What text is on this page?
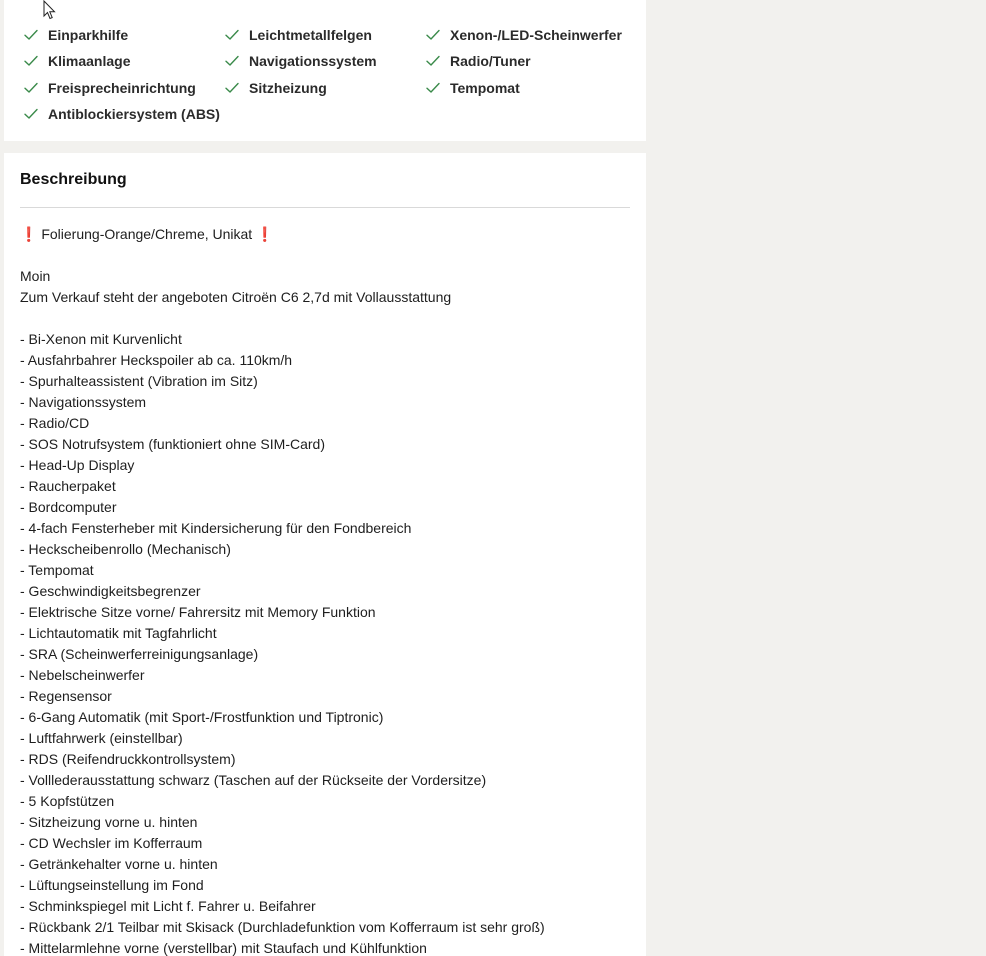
Einparkhilfe	Leichtmetallfelgen	Xenon-/LED-Scheinwerfer
Klimaanlage	Navigationssystem	Radio/Tuner
Freisprecheinrichtung	Sitzheizung	Tempomat
Antiblockiersystem (ABS)
Beschreibung
❗ Folierung-Orange/Chreme, Unikat ❗
Moin
Zum Verkauf steht der angeboten Citroën C6 2,7d mit Vollausstattung
- Bi-Xenon mit Kurvenlicht
- Ausfahrbahrer Heckspoiler ab ca. 110km/h
- Spurhalteassistent (Vibration im Sitz)
- Navigationssystem
- Radio/CD
- SOS Notrufsystem (funktioniert ohne SIM-Card)
- Head-Up Display
- Raucherpaket
- Bordcomputer
- 4-fach Fensterheber mit Kindersicherung für den Fondbereich
- Heckscheibenrollo (Mechanisch)
- Tempomat
- Geschwindigkeitsbegrenzer
- Elektrische Sitze vorne/ Fahrersitz mit Memory Funktion
- Lichtautomatik mit Tagfahrlicht
- SRA (Scheinwerferreinigungsanlage)
- Nebelscheinwerfer
- Regensensor
- 6-Gang Automatik (mit Sport-/Frostfunktion und Tiptronic)
- Luftfahrwerk (einstellbar)
- RDS (Reifendruckkontrollsystem)
- Volllederausstattung schwarz (Taschen auf der Rückseite der Vordersitze)
- 5 Kopfstützen
- Sitzheizung vorne u. hinten
- CD Wechsler im Kofferraum
- Getränkehalter vorne u. hinten
- Lüftungseinstellung im Fond
- Schminkspiegel mit Licht f. Fahrer u. Beifahrer
- Rückbank 2/1 Teilbar mit Skisack (Durchladefunktion vom Kofferraum ist sehr groß)
- Mittelarmlehne vorne (verstellbar) mit Staufach und Kühlfunktion
